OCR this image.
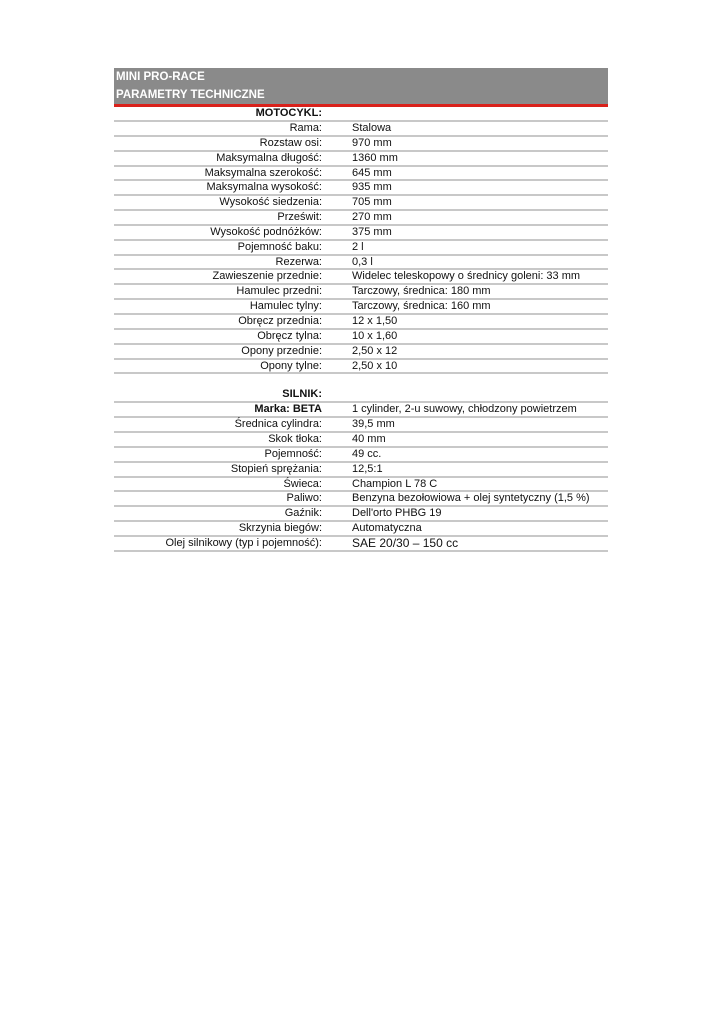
MINI PRO-RACE
PARAMETRY TECHNICZNE
MOTOCYKL:
Rama:	Stalowa
Rozstaw osi:	970 mm
Maksymalna długość:	1360 mm
Maksymalna szerokość:	645 mm
Maksymalna wysokość:	935 mm
Wysokość siedzenia:	705 mm
Prześwit:	270 mm
Wysokość podnóżków:	375 mm
Pojemność baku:	2 l
Rezerwa:	0,3 l
Zawieszenie przednie:	Widelec teleskopowy o średnicy goleni: 33 mm
Hamulec przedni:	Tarczowy, średnica: 180 mm
Hamulec tylny:	Tarczowy, średnica: 160 mm
Obręcz przednia:	12 x 1,50
Obręcz tylna:	10 x 1,60
Opony przednie:	2,50 x 12
Opony tylne:	2,50 x 10
SILNIK:
Marka: BETA	1 cylinder, 2-u suwowy, chłodzony powietrzem
Średnica cylindra:	39,5 mm
Skok tłoka:	40 mm
Pojemność:	49 cc.
Stopień sprężania:	12,5:1
Świeca:	Champion L 78 C
Paliwo:	Benzyna bezołowiowa + olej syntetyczny (1,5 %)
Gaźnik:	Dell'orto PHBG 19
Skrzynia biegów:	Automatyczna
Olej silnikowy (typ i pojemność):	SAE 20/30 – 150 cc
